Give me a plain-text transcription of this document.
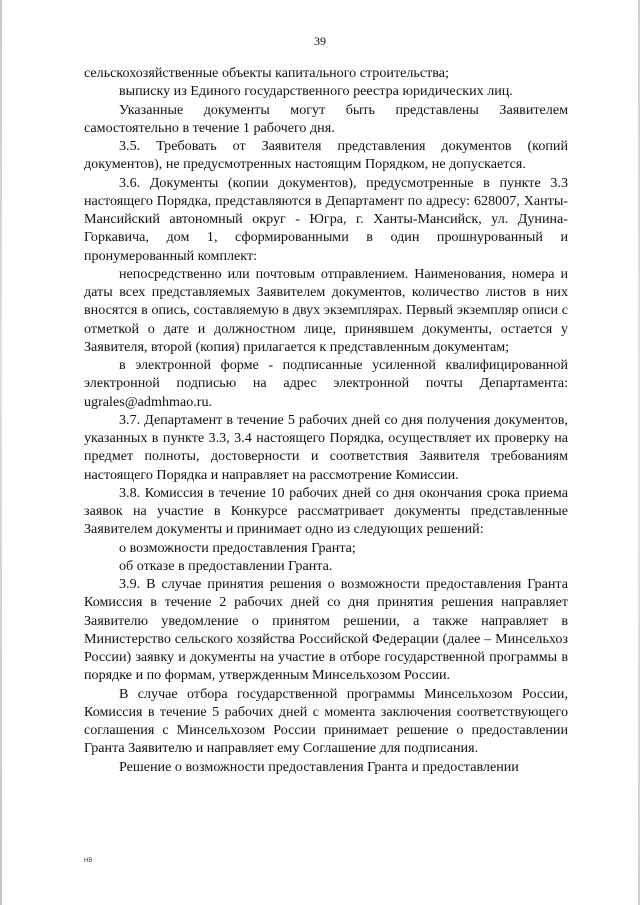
39

сельскохозяйственные объекты капитального строительства;

выписку из Единого государственного реестра юридических лиц.

Указанные документы могут быть представлены Заявителем самостоятельно в течение 1 рабочего дня.

3.5. Требовать от Заявителя представления документов (копий документов), не предусмотренных настоящим Порядком, не допускается.

3.6. Документы (копии документов), предусмотренные в пункте 3.3 настоящего Порядка, представляются в Департамент по адресу: 628007, Ханты-Мансийский автономный округ - Югра, г. Ханты-Мансийск, ул. Дунина-Горкавича, дом 1, сформированными в один прошнурованный и пронумерованный комплект:

непосредственно или почтовым отправлением. Наименования, номера и даты всех представляемых Заявителем документов, количество листов в них вносятся в опись, составляемую в двух экземплярах. Первый экземпляр описи с отметкой о дате и должностном лице, принявшем документы, остается у Заявителя, второй (копия) прилагается к представленным документам;

в электронной форме - подписанные усиленной квалифицированной электронной подписью на адрес электронной почты Департамента: ugrales@admhmao.ru.

3.7. Департамент в течение 5 рабочих дней со дня получения документов, указанных в пункте 3.3, 3.4 настоящего Порядка, осуществляет их проверку на предмет полноты, достоверности и соответствия Заявителя требованиям настоящего Порядка и направляет на рассмотрение Комиссии.

3.8. Комиссия в течение 10 рабочих дней со дня окончания срока приема заявок на участие в Конкурсе рассматривает документы представленные Заявителем документы и принимает одно из следующих решений:

о возможности предоставления Гранта;

об отказе в предоставлении Гранта.

3.9. В случае принятия решения о возможности предоставления Гранта Комиссия в течение 2 рабочих дней со дня принятия решения направляет Заявителю уведомление о принятом решении, а также направляет в Министерство сельского хозяйства Российской Федерации (далее – Минсельхоз России) заявку и документы на участие в отборе государственной программы в порядке и по формам, утвержденным Минсельхозом России.

В случае отбора государственной программы Минсельхозом России, Комиссия в течение 5 рабочих дней с момента заключения соответствующего соглашения с Минсельхозом России принимает решение о предоставлении Гранта Заявителю и направляет ему Соглашение для подписания.

Решение о возможности предоставления Гранта и предоставлении

НВ
